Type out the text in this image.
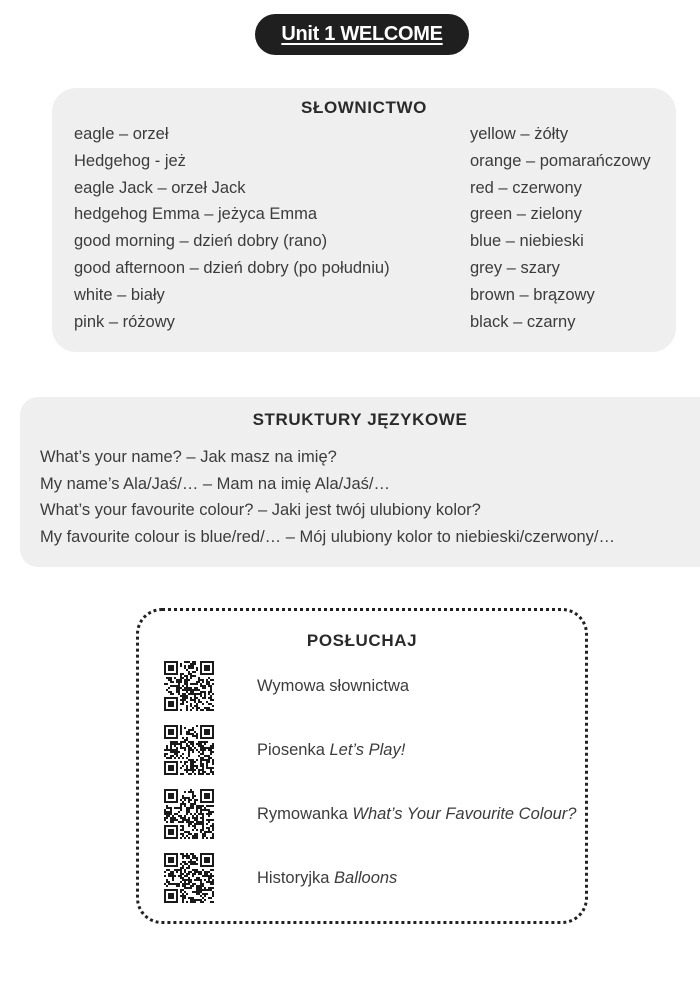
Unit 1 WELCOME
SŁOWNICTWO
eagle – orzeł
Hedgehog - jeż
eagle Jack – orzeł Jack
hedgehog Emma – jeżyca Emma
good morning – dzień dobry (rano)
good afternoon – dzień dobry (po południu)
white – biały
pink – różowy
yellow – żółty
orange – pomarańczowy
red – czerwony
green – zielony
blue – niebieski
grey – szary
brown – brązowy
black – czarny
STRUKTURY JĘZYKOWE
What’s your name? – Jak masz na imię?
My name’s Ala/Jaś/… – Mam na imię Ala/Jaś/…
What’s your favourite colour? – Jaki jest twój ulubiony kolor?
My favourite colour is blue/red/… – Mój ulubiony kolor to niebieski/czerwony/…
POSŁUCHAJ
Wymowa słownictwa
Piosenka Let’s Play!
Rymowanka What’s Your Favourite Colour?
Historyjka Balloons
